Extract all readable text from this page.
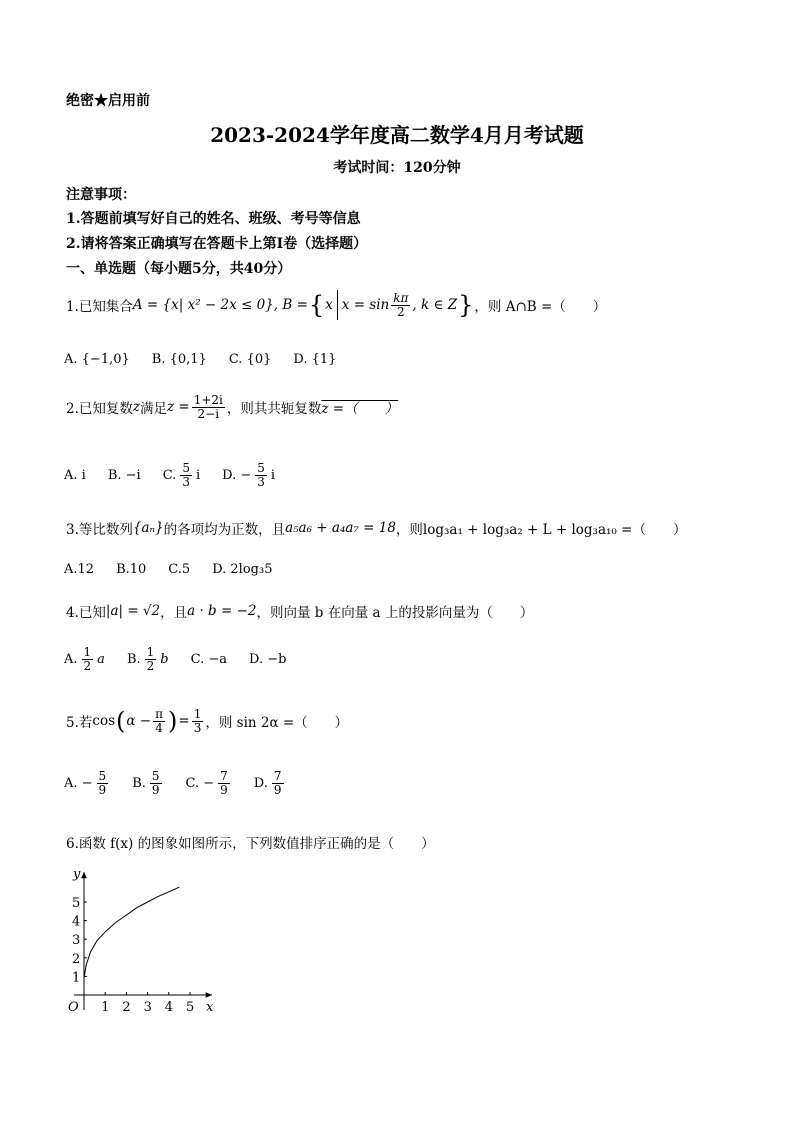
绝密★启用前
2023-2024学年度高二数学4月月考试题
考试时间：120分钟
注意事项：
1.答题前填写好自己的姓名、班级、考号等信息
2.请将答案正确填写在答题卡上第Ⅰ卷（选择题）
一、单选题（每小题5分，共40分）
1.已知集合 A = {x| x² − 2x ≤ 0} , B = { x $x = \sin \frac{k\pi}{2}$ , k ∈ Z } ，则 A∩B =（　　）
A. {−1,0} B. {0,1} C. {0} D. {1}
2.已知复数 z 满足 $z = \frac{1+2i}{2-i}$ ，则其共轭复数 z =（　　）
A. i B. −i C. $\frac{5}{3}$ i D. − $\frac{5}{3}$ i
3.等比数列 {aₙ} 的各项均为正数，且 a₅a₆ + a₄a₇ = 18 ，则 log₃a₁ + log₃a₂ + L + log₃a₁₀ =（　　）
A.12 B.10 C.5 D. 2log₃5
4.已知 |a| = √2 ，且 a · b = −2 ，则向量 b 在向量 a 上的投影向量为（　　）
A. $\frac{1}{2}$ a B. $\frac{1}{2}$ b C. −a D. −b
5.若 cos ( $\alpha - \frac{\pi}{4}$ ) = $\frac{1}{3}$ ，则 sin 2α =（　　）
A. − $\frac{5}{9} B$. $\frac{5}{9} C$. − $\frac{7}{9} D$. $\frac{7}{9}$
6.函数 f(x) 的图象如图所示，下列数值排序正确的是（　　）
1 2 3 4 5
1
2
3
4
5
O
y
x
